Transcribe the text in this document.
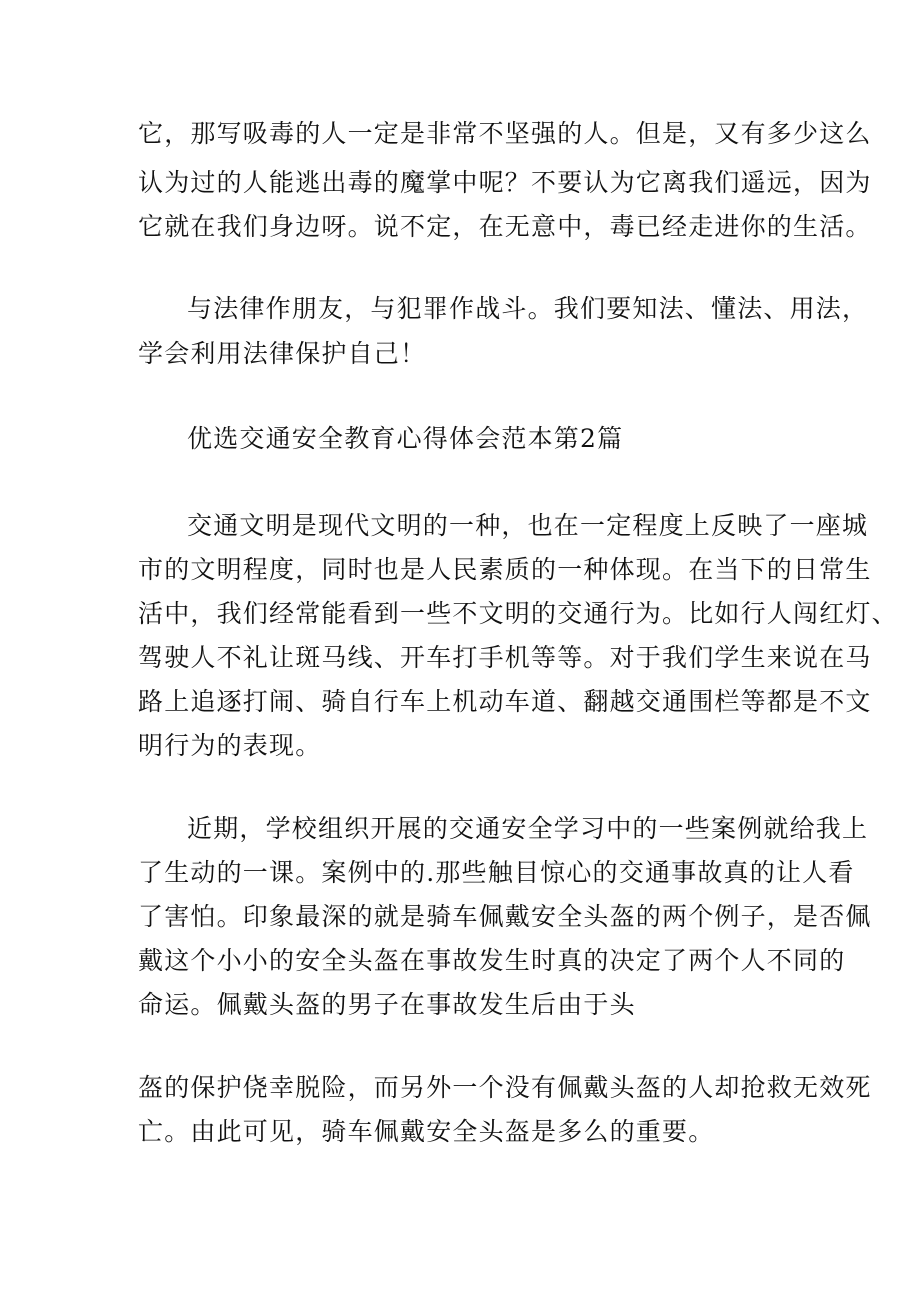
它，那写吸毒的人一定是非常不坚强的人。但是，又有多少这么
认为过的人能逃出毒的魔掌中呢？不要认为它离我们遥远，因为
它就在我们身边呀。说不定，在无意中，毒已经走进你的生活。
与法律作朋友，与犯罪作战斗。我们要知法、懂法、用法，
学会利用法律保护自己！
优选交通安全教育心得体会范本第2篇
交通文明是现代文明的一种，也在一定程度上反映了一座城
市的文明程度，同时也是人民素质的一种体现。在当下的日常生
活中，我们经常能看到一些不文明的交通行为。比如行人闯红灯、
驾驶人不礼让斑马线、开车打手机等等。对于我们学生来说在马
路上追逐打闹、骑自行车上机动车道、翻越交通围栏等都是不文
明行为的表现。
近期，学校组织开展的交通安全学习中的一些案例就给我上
了生动的一课。案例中的.那些触目惊心的交通事故真的让人看
了害怕。印象最深的就是骑车佩戴安全头盔的两个例子，是否佩
戴这个小小的安全头盔在事故发生时真的决定了两个人不同的
命运。佩戴头盔的男子在事故发生后由于头
盔的保护侥幸脱险，而另外一个没有佩戴头盔的人却抢救无效死
亡。由此可见，骑车佩戴安全头盔是多么的重要。
